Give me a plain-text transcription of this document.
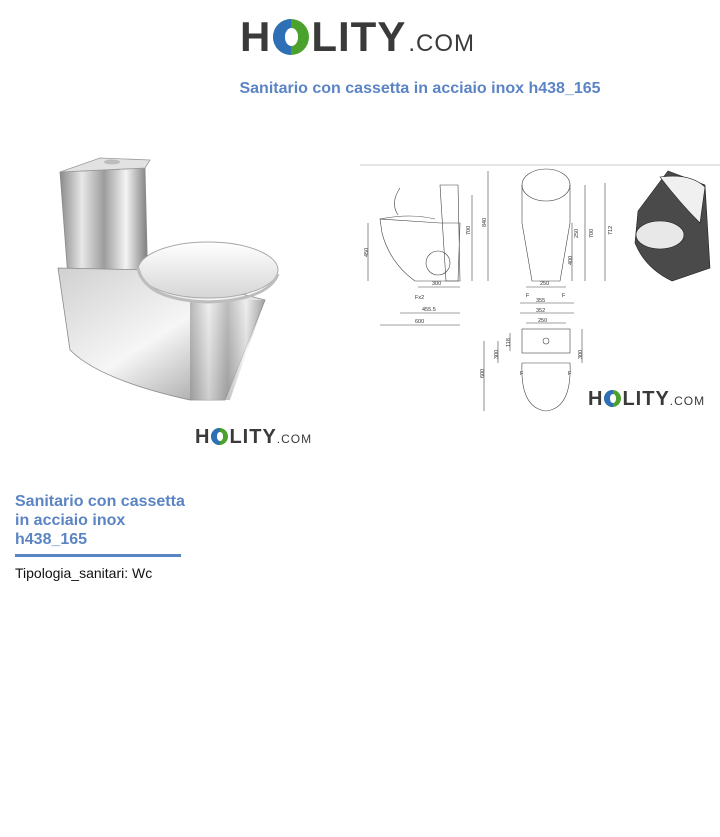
H LITY .COM
Sanitario con cassetta in acciaio inox h438_165
H LITY .COM
450
700
840
300
Fx2
455.5
600
250 700 712
400
250
F	F
355
352
250
118
300	300
600	F	F
H LITY .COM
Sanitario con cassetta in acciaio inox h438_165
Tipologia_sanitari: Wc
